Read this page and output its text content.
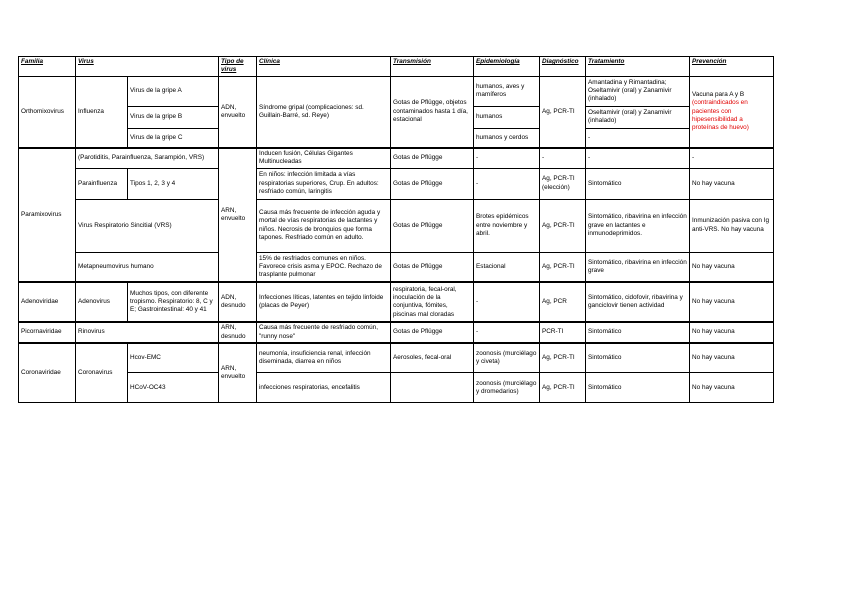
Familia	Virus		Tipo de virus	Clínica	Transmisión	Epidemiología	Diagnóstico	Tratamiento	Prevención
Orthomixovirus	Influenza	Virus de la gripe A	ADN, envuelto	Síndrome gripal (complicaciones: sd. Guillain-Barré, sd. Reye)	Gotas de Pflügge, objetos contaminados hasta 1 día, estacional	humanos, aves y mamíferos	Ag, PCR-TI	Amantadina y Rimantadina; Oseltamivir (oral) y Zanamivir (inhalado)	Vacuna para A y B (contraindicados en pacientes con hipesensibilidad a proteínas de huevo)
		Virus de la gripe B				humanos		Oseltamivir (oral) y Zanamivir (inhalado)	
		Virus de la gripe C				humanos y cerdos		-	
Paramixovirus	(Parotiditis, Parainfluenza, Sarampión, VRS)		ARN, envuelto	Inducen fusión, Células Gigantes Multinucleadas	Gotas de Pflügge	-	-	-	-
	Parainfluenza	Tipos 1, 2, 3 y 4		En niños: infección limitada a vías respiratorias superiores, Crup. En adultos: resfriado común, laringitis	Gotas de Pflügge	-	Ag, PCR-TI (elección)	Sintomático	No hay vacuna
	Virus Respiratorio Sincitial (VRS)			Causa más frecuente de infección aguda y mortal de vías respiratorias de lactantes y niños. Necrosis de bronquios que forma tapones. Resfriado común en adulto.	Gotas de Pflügge	Brotes epidémicos entre noviembre y abril.	Ag, PCR-TI	Sintomático, ribavirina en infección grave en lactantes e inmunodeprimidos.	Inmunización pasiva con Ig anti-VRS. No hay vacuna
	Metapneumovirus humano			15% de resfriados comunes en niños. Favorece crisis asma y EPOC. Rechazo de trasplante pulmonar	Gotas de Pflügge	Estacional	Ag, PCR-TI	Sintomático, ribavirina en infección grave	No hay vacuna
Adenoviridae	Adenovirus	Muchos tipos, con diferente tropismo. Respiratorio: 8, C y E; Gastrointestinal: 40 y 41	ADN, desnudo	Infecciones líticas, latentes en tejido linfoide (placas de Peyer)	respiratoria, fecal-oral, inoculación de la conjuntiva, fómites, piscinas mal cloradas	-	Ag, PCR	Sintomático, cidofovir, ribavirina y ganciclovir tienen actividad	No hay vacuna
Picornaviridae	Rinovirus		ARN, desnudo	Causa más frecuente de resfriado común, "runny nose"	Gotas de Pflügge	-	PCR-TI	Sintomático	No hay vacuna
Coronaviridae	Coronavirus	Hcov-EMC	ARN, envuelto	neumonía, insuficiencia renal, infección diseminada, diarrea en niños	Aerosoles, fecal-oral	zoonosis (murciélago y civeta)	Ag, PCR-TI	Sintomático	No hay vacuna
		HCoV-OC43		infecciones respiratorias, encefalitis		zoonosis (murciélago y dromedarios)	Ag, PCR-TI	Sintomático	No hay vacuna
